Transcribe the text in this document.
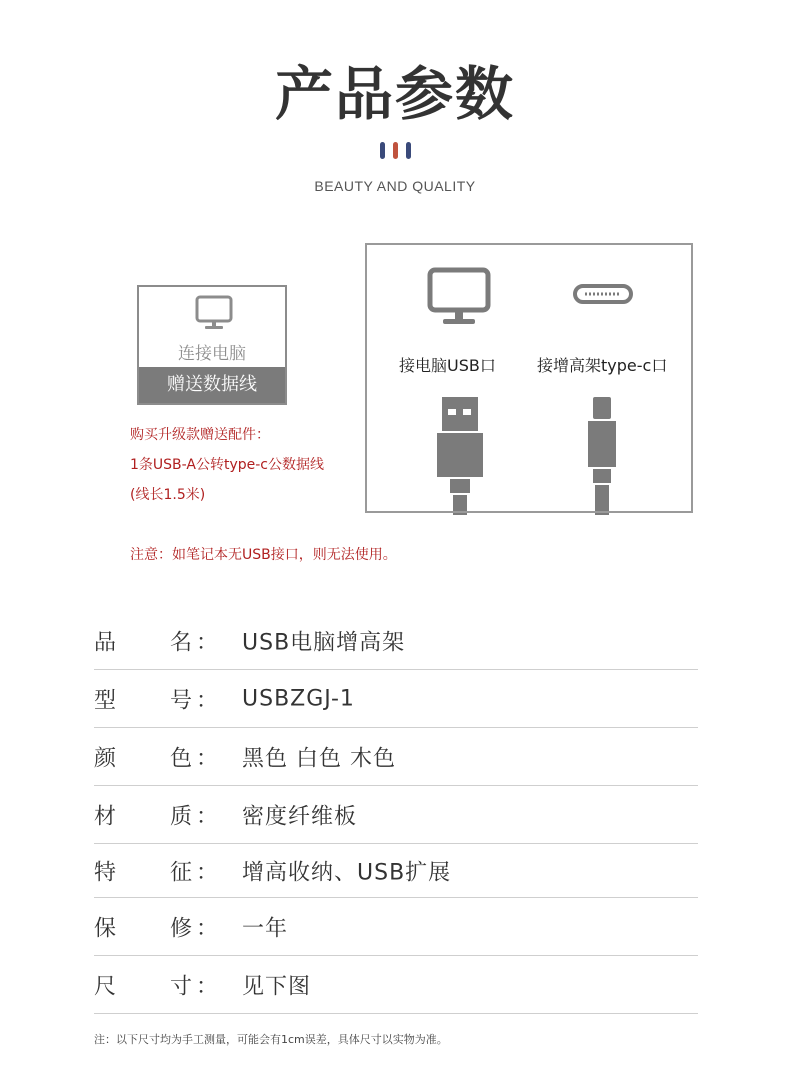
产品参数
BEAUTY AND QUALITY
连接电脑
赠送数据线
购买升级款赠送配件：
1条USB-A公转type-c公数据线
(线长1.5米)
注意：如笔记本无USB接口，则无法使用。
接电脑USB口	接增高架type-c口
品 名 ： USB电脑增高架
型 号 ： USBZGJ-1
颜 色 ： 黑色 白色 木色
材 质 ： 密度纤维板
特 征 ： 增高收纳、USB扩展
保 修 ： 一年
尺 寸 ： 见下图
注：以下尺寸均为手工测量，可能会有1cm误差，具体尺寸以实物为准。
